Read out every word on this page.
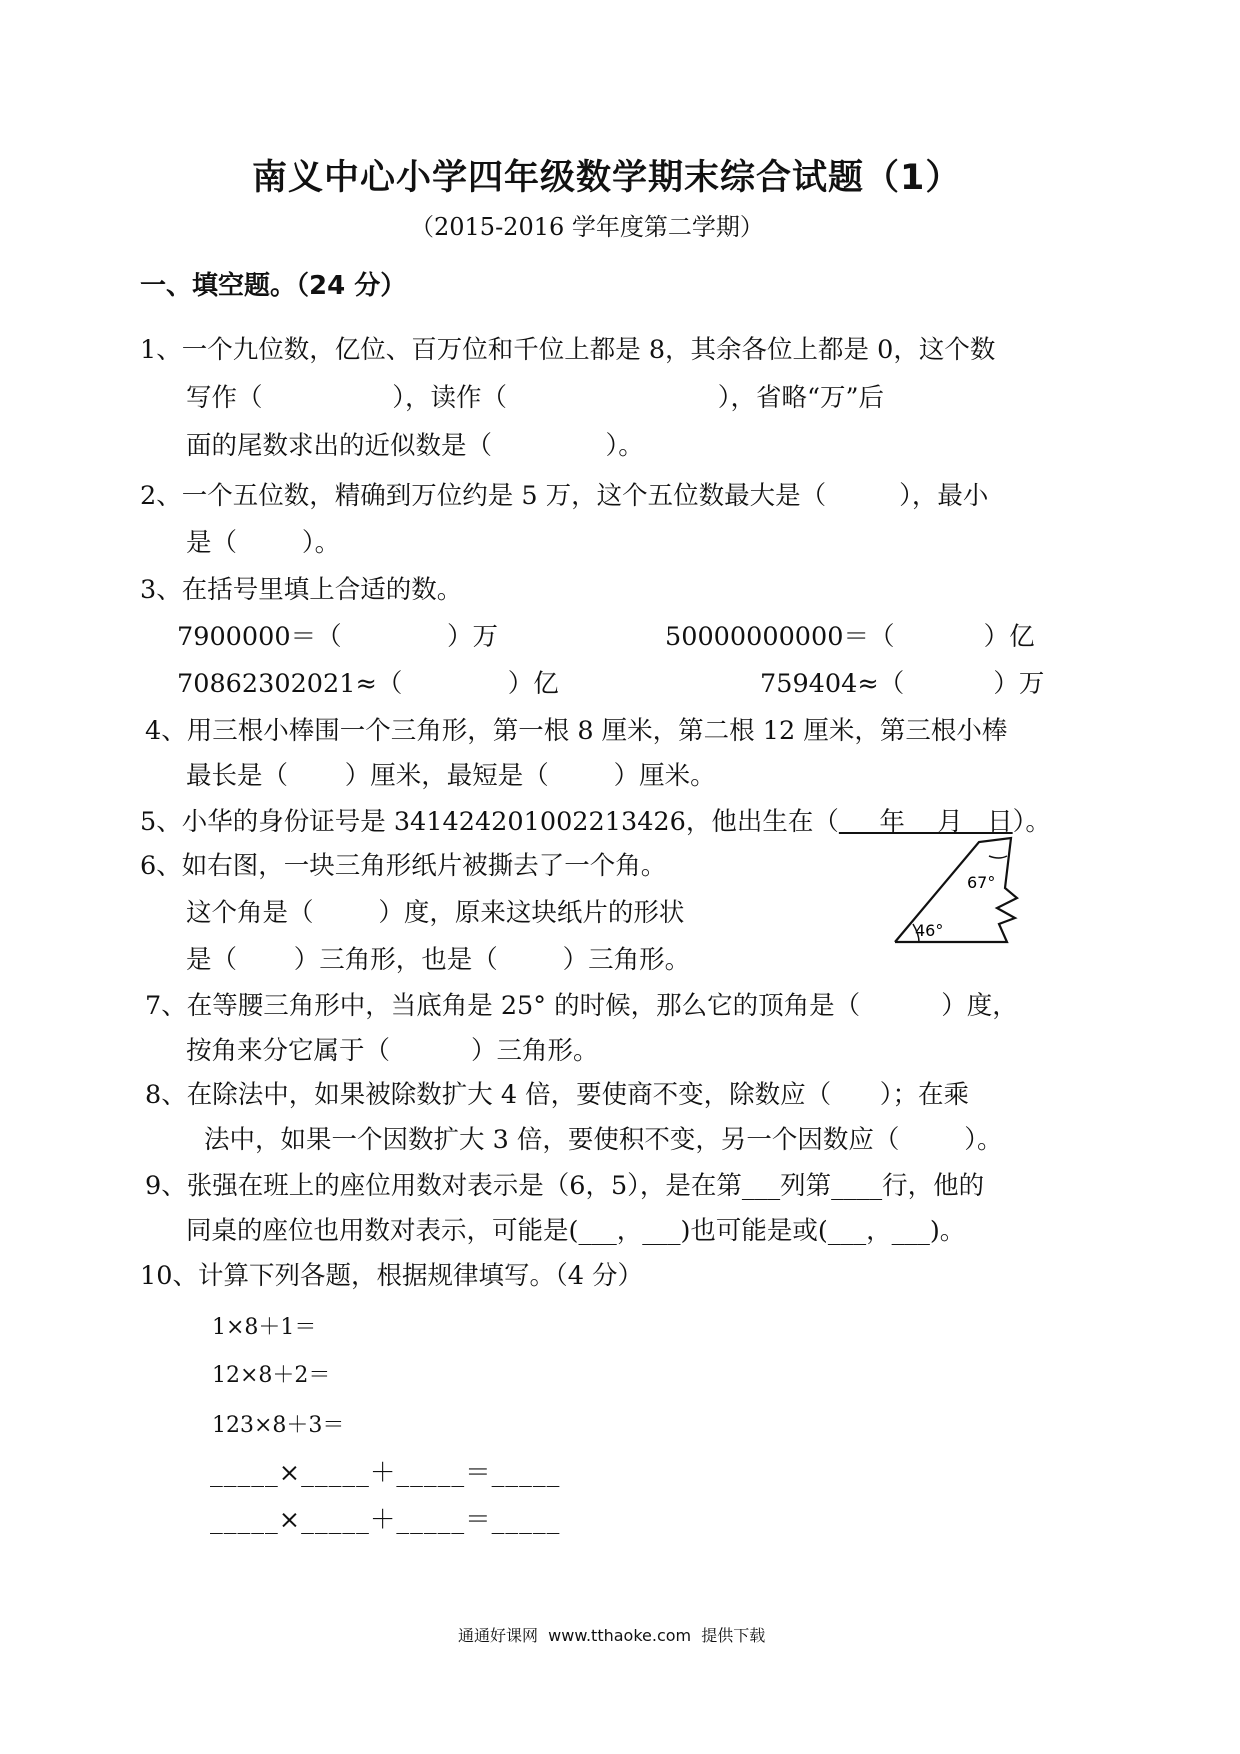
南义中心小学四年级数学期末综合试题（1）
（2015-2016 学年度第二学期）
一、填空题。（24 分）
1、一个九位数，亿位、百万位和千位上都是 8，其余各位上都是 0，这个数
写作（                ），读作（                          ），省略“万”后
面的尾数求出的近似数是（              ）。
2、一个五位数，精确到万位约是 5 万，这个五位数最大是（         ），最小
是（        ）。
3、在括号里填上合适的数。
7900000＝（             ）万	50000000000＝（           ）亿
70862302021≈（             ）亿	759404≈（           ）万
4、用三根小棒围一个三角形，第一根 8 厘米，第二根 12 厘米，第三根小棒
最长是（       ）厘米，最短是（        ）厘米。
5、小华的身份证号是 341424201002213426，他出生在（     年    月   日）。
6、如右图，一块三角形纸片被撕去了一个角。
这个角是（        ）度，原来这块纸片的形状
是（       ）三角形，也是（        ）三角形。
67°
46°
7、在等腰三角形中，当底角是 25° 的时候，那么它的顶角是（          ）度，
按角来分它属于（          ）三角形。
8、在除法中，如果被除数扩大 4 倍，要使商不变，除数应（      ）；在乘
法中，如果一个因数扩大 3 倍，要使积不变，另一个因数应（        ）。
9、张强在班上的座位用数对表示是（6，5），是在第___列第____行，他的
同桌的座位也用数对表示，可能是(___，___)也可能是或(___，___)。
10、计算下列各题，根据规律填写。（4 分）
1×8＋1＝
12×8＋2＝
123×8＋3＝
_____×_____＋_____＝_____
_____×_____＋_____＝_____
通通好课网  www.tthaoke.com  提供下载
